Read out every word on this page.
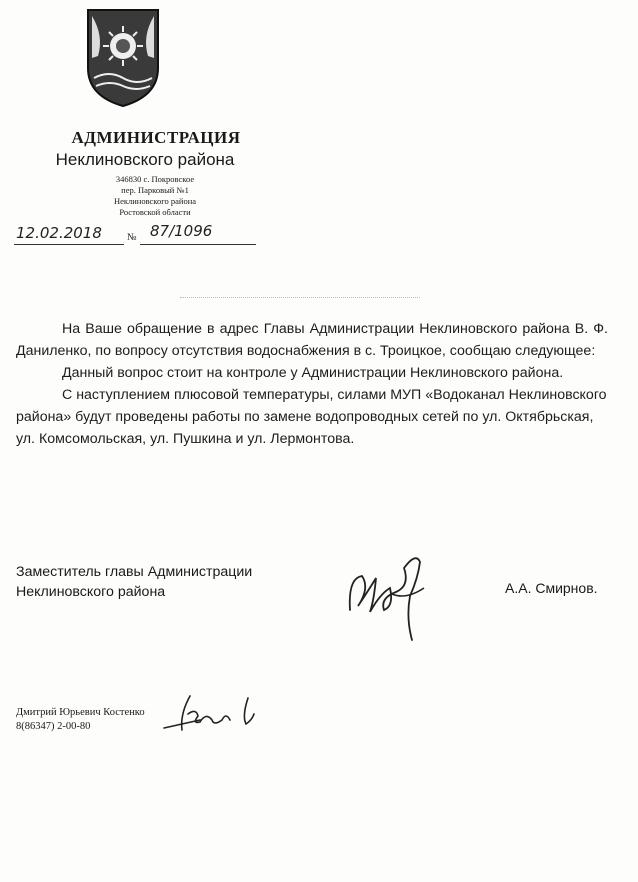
АДМИНИСТРАЦИЯ
Неклиновского района
346830 с. Покровское
пер. Парковый №1
Неклиновского района
Ростовской области
12.02.2018	№ 87/1096

На Ваше обращение в адрес Главы Администрации Неклиновского района В. Ф. Даниленко, по вопросу отсутствия водоснабжения в с. Троицкое, сообщаю следующее:

Данный вопрос стоит на контроле у Администрации Неклиновского района.

С наступлением плюсовой температуры, силами МУП «Водоканал Неклиновского района» будут проведены работы по замене водопроводных сетей по ул. Октябрьская, ул. Комсомольская, ул. Пушкина и ул. Лермонтова.

Заместитель главы Администрации
Неклиновского района	А.А. Смирнов.
Дмитрий Юрьевич Костенко
8(86347) 2-00-80
